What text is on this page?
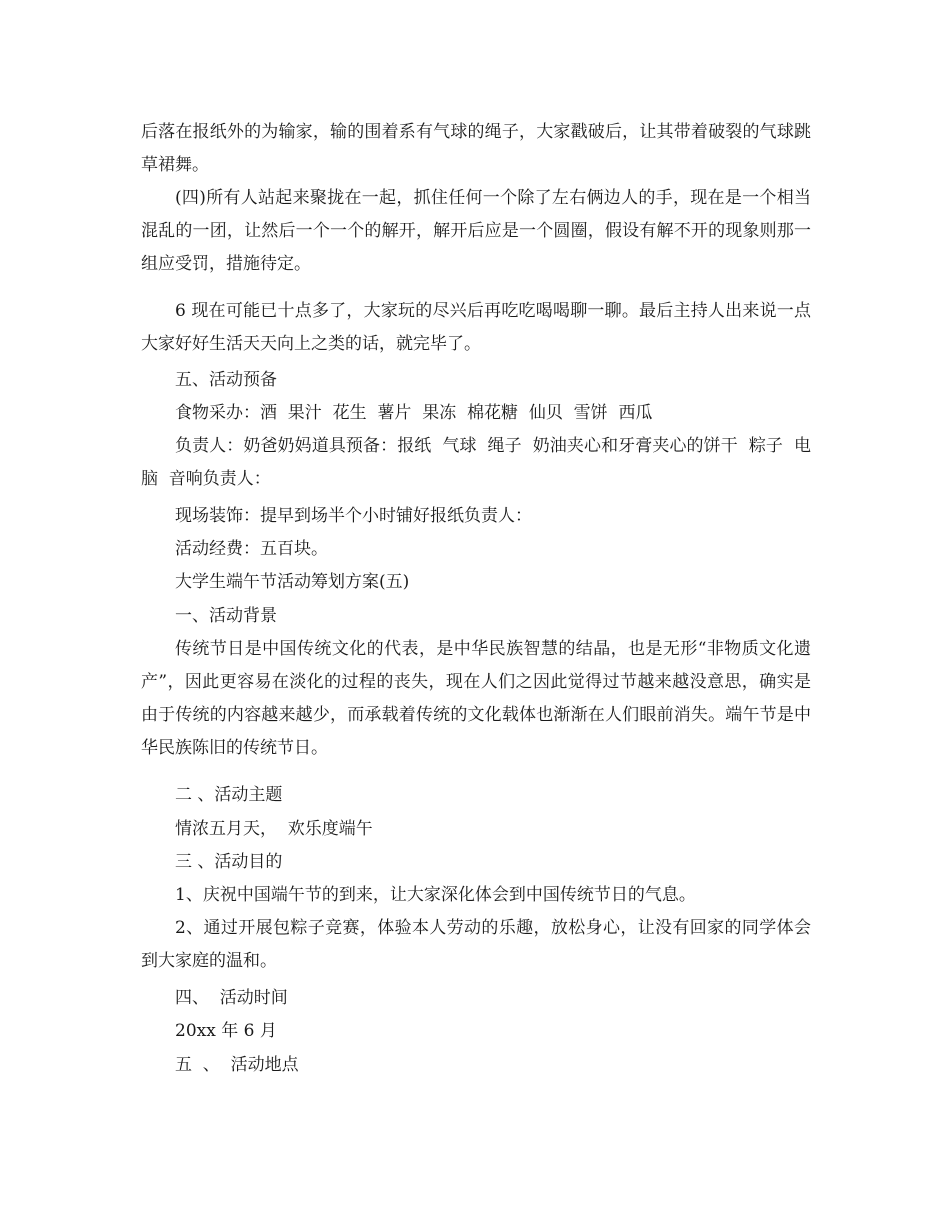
后落在报纸外的为输家，输的围着系有气球的绳子，大家戳破后，让其带着破裂的气球跳草裙舞。

(四)所有人站起来聚拢在一起，抓住任何一个除了左右俩边人的手，现在是一个相当混乱的一团，让然后一个一个的解开，解开后应是一个圆圈，假设有解不开的现象则那一组应受罚，措施待定。

6 现在可能已十点多了，大家玩的尽兴后再吃吃喝喝聊一聊。最后主持人出来说一点大家好好生活天天向上之类的话，就完毕了。

五、活动预备

食物采办：酒  果汁  花生  薯片  果冻  棉花糖  仙贝  雪饼  西瓜

负责人：奶爸奶妈道具预备：报纸  气球  绳子  奶油夹心和牙膏夹心的饼干  粽子  电脑  音响负责人：

现场装饰：提早到场半个小时铺好报纸负责人：

活动经费：五百块。

大学生端午节活动筹划方案(五)

一、活动背景

传统节日是中国传统文化的代表，是中华民族智慧的结晶，也是无形“非物质文化遗产”，因此更容易在淡化的过程的丧失，现在人们之因此觉得过节越来越没意思，确实是由于传统的内容越来越少，而承载着传统的文化载体也渐渐在人们眼前消失。端午节是中华民族陈旧的传统节日。

二 、活动主题

情浓五月天，  欢乐度端午

三 、活动目的

1、庆祝中国端午节的到来，让大家深化体会到中国传统节日的气息。

2、通过开展包粽子竞赛，体验本人劳动的乐趣，放松身心，让没有回家的同学体会到大家庭的温和。

四、  活动时间

20xx 年 6 月

五  、  活动地点
